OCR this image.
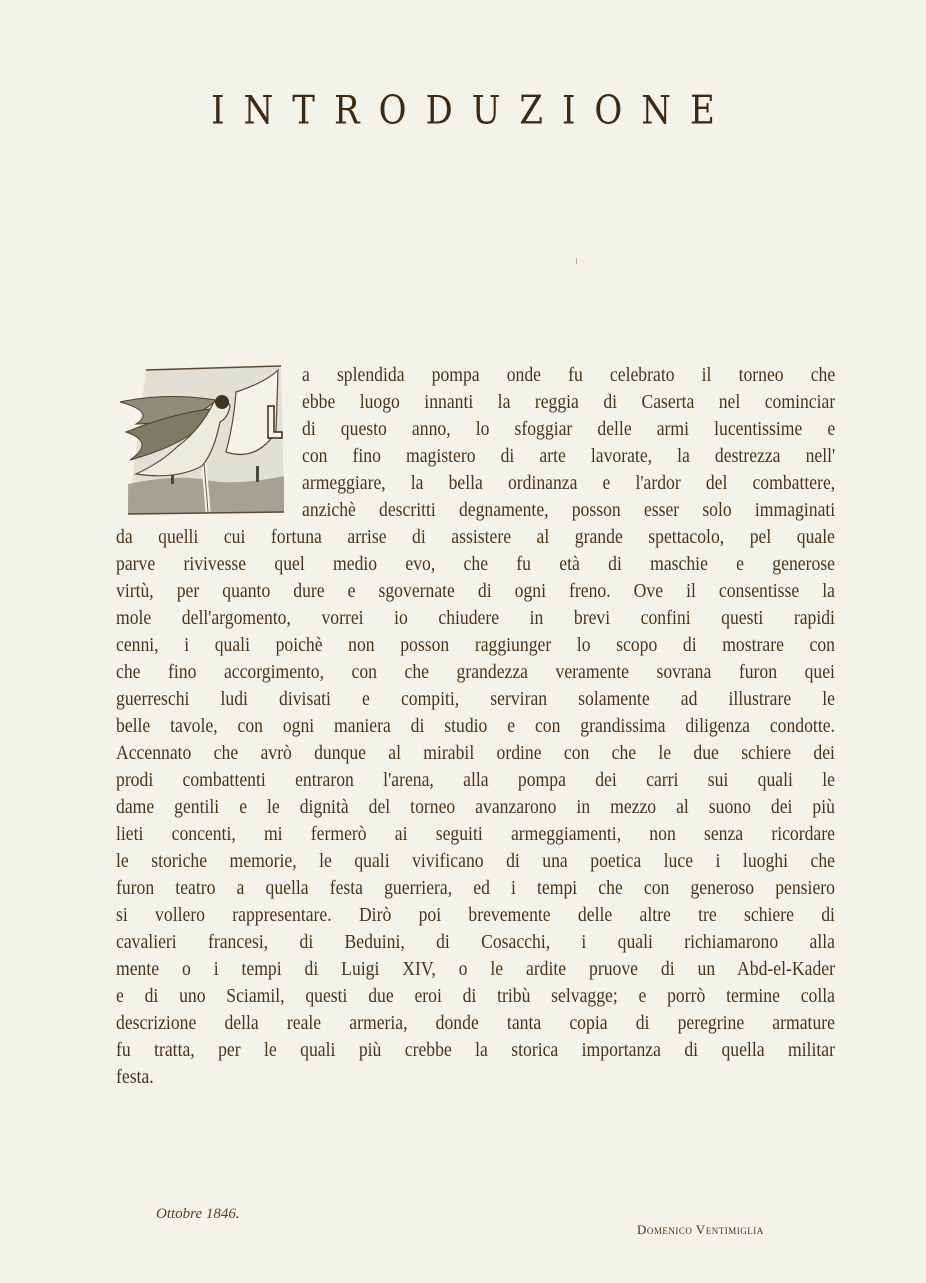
INTRODUZIONE
a splendida pompa onde fu celebrato il torneo che
ebbe luogo innanti la reggia di Caserta nel cominciar
di questo anno, lo sfoggiar delle armi lucentissime e
con fino magistero di arte lavorate, la destrezza nell'
armeggiare, la bella ordinanza e l'ardor del combattere,
anzichè descritti degnamente, posson esser solo immaginati
da quelli cui fortuna arrise di assistere al grande spettacolo, pel quale
parve rivivesse quel medio evo, che fu età di maschie e generose
virtù, per quanto dure e sgovernate di ogni freno. Ove il consentisse la
mole dell'argomento, vorrei io chiudere in brevi confini questi rapidi
cenni, i quali poichè non posson raggiunger lo scopo di mostrare con
che fino accorgimento, con che grandezza veramente sovrana furon quei
guerreschi ludi divisati e compiti, serviran solamente ad illustrare le
belle tavole, con ogni maniera di studio e con grandissima diligenza condotte.
Accennato che avrò dunque al mirabil ordine con che le due schiere dei
prodi combattenti entraron l'arena, alla pompa dei carri sui quali le
dame gentili e le dignità del torneo avanzarono in mezzo al suono dei più
lieti concenti, mi fermerò ai seguiti armeggiamenti, non senza ricordare
le storiche memorie, le quali vivificano di una poetica luce i luoghi che
furon teatro a quella festa guerriera, ed i tempi che con generoso pensiero
si vollero rappresentare. Dirò poi brevemente delle altre tre schiere di
cavalieri francesi, di Beduini, di Cosacchi, i quali richiamarono alla
mente o i tempi di Luigi XIV, o le ardite pruove di un Abd-el-Kader
e di uno Sciamil, questi due eroi di tribù selvagge; e porrò termine colla
descrizione della reale armeria, donde tanta copia di peregrine armature
fu tratta, per le quali più crebbe la storica importanza di quella militar
festa.
Ottobre 1846.
Domenico Ventimiglia
